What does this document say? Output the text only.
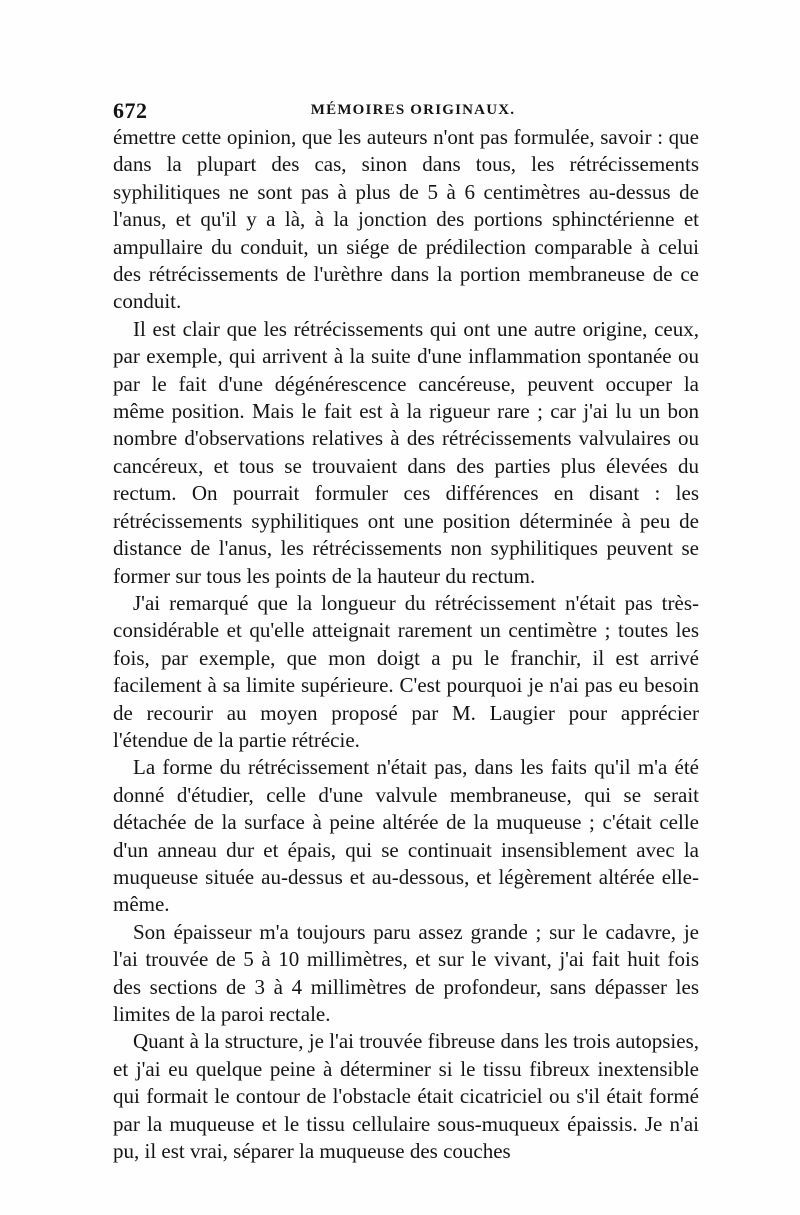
672	MÉMOIRES ORIGINAUX.

émettre cette opinion, que les auteurs n'ont pas formulée, savoir : que dans la plupart des cas, sinon dans tous, les rétrécissements syphilitiques ne sont pas à plus de 5 à 6 centimètres au-dessus de l'anus, et qu'il y a là, à la jonction des portions sphinctérienne et ampullaire du conduit, un siége de prédilection comparable à celui des rétrécissements de l'urèthre dans la portion membraneuse de ce conduit.

Il est clair que les rétrécissements qui ont une autre origine, ceux, par exemple, qui arrivent à la suite d'une inflammation spontanée ou par le fait d'une dégénérescence cancéreuse, peuvent occuper la même position. Mais le fait est à la rigueur rare ; car j'ai lu un bon nombre d'observations relatives à des rétrécissements valvulaires ou cancéreux, et tous se trouvaient dans des parties plus élevées du rectum. On pourrait formuler ces différences en disant : les rétrécissements syphilitiques ont une position déterminée à peu de distance de l'anus, les rétrécissements non syphilitiques peuvent se former sur tous les points de la hauteur du rectum.

J'ai remarqué que la longueur du rétrécissement n'était pas très-considérable et qu'elle atteignait rarement un centimètre ; toutes les fois, par exemple, que mon doigt a pu le franchir, il est arrivé facilement à sa limite supérieure. C'est pourquoi je n'ai pas eu besoin de recourir au moyen proposé par M. Laugier pour apprécier l'étendue de la partie rétrécie.

La forme du rétrécissement n'était pas, dans les faits qu'il m'a été donné d'étudier, celle d'une valvule membraneuse, qui se serait détachée de la surface à peine altérée de la muqueuse ; c'était celle d'un anneau dur et épais, qui se continuait insensiblement avec la muqueuse située au-dessus et au-dessous, et légèrement altérée elle-même.

Son épaisseur m'a toujours paru assez grande ; sur le cadavre, je l'ai trouvée de 5 à 10 millimètres, et sur le vivant, j'ai fait huit fois des sections de 3 à 4 millimètres de profondeur, sans dépasser les limites de la paroi rectale.

Quant à la structure, je l'ai trouvée fibreuse dans les trois autopsies, et j'ai eu quelque peine à déterminer si le tissu fibreux inextensible qui formait le contour de l'obstacle était cicatriciel ou s'il était formé par la muqueuse et le tissu cellulaire sous-muqueux épaissis. Je n'ai pu, il est vrai, séparer la muqueuse des couches
